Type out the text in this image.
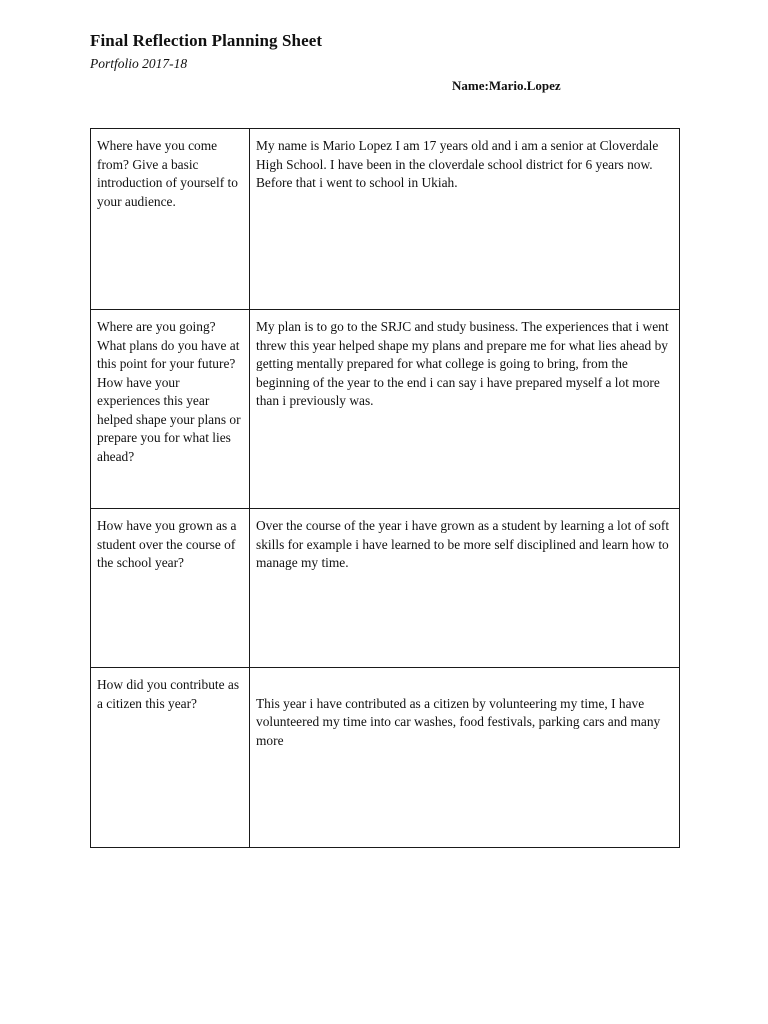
Final Reflection Planning Sheet
Portfolio 2017-18
Name:Mario.Lopez
Where have you come from? Give a basic introduction of yourself to your audience.	My name is Mario Lopez I am 17 years old and i am a senior at Cloverdale High School. I have been in the cloverdale school district for 6 years now. Before that i went to school in Ukiah.
Where are you going? What plans do you have at this point for your future? How have your experiences this year helped shape your plans or prepare you for what lies ahead?	My plan is to go to the SRJC and study business. The experiences that i went threw this year helped shape my plans and prepare me for what lies ahead by getting mentally prepared for what college is going to bring, from the beginning of the year to the end i can say i have prepared myself a lot more than i previously was.
How have you grown as a student over the course of the school year?	Over the course of the year i have grown as a student by learning a lot of soft skills for example i have learned to be more self disciplined and learn how to manage my time.
How did you contribute as a citizen this year?	This year i have contributed as a citizen by volunteering my time, I have volunteered my time into car washes, food festivals, parking cars and many more
